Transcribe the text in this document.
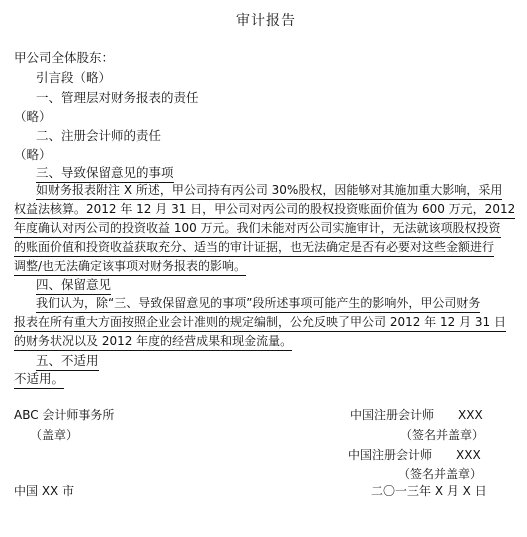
审计报告
甲公司全体股东：
引言段（略）
一、管理层对财务报表的责任
（略）
二、注册会计师的责任
（略）
三、导致保留意见的事项
如财务报表附注 X 所述，甲公司持有丙公司 30%股权，因能够对其施加重大影响，采用
权益法核算。2012 年 12 月 31 日，甲公司对丙公司的股权投资账面价值为 600 万元，2012
年度确认对丙公司的投资收益 100 万元。我们未能对丙公司实施审计，无法就该项股权投资
的账面价值和投资收益获取充分、适当的审计证据，也无法确定是否有必要对这些金额进行
调整/也无法确定该事项对财务报表的影响。
四、保留意见
我们认为，除“三、导致保留意见的事项”段所述事项可能产生的影响外，甲公司财务
报表在所有重大方面按照企业会计准则的规定编制，公允反映了甲公司 2012 年 12 月 31 日
的财务状况以及 2012 年度的经营成果和现金流量。
五、不适用
不适用。
ABC 会计师事务所
（盖章）
中国注册会计师　　XXX
（签名并盖章）
中国注册会计师　　XXX
（签名并盖章）
中国 XX 市	二〇一三年 X 月 X 日
